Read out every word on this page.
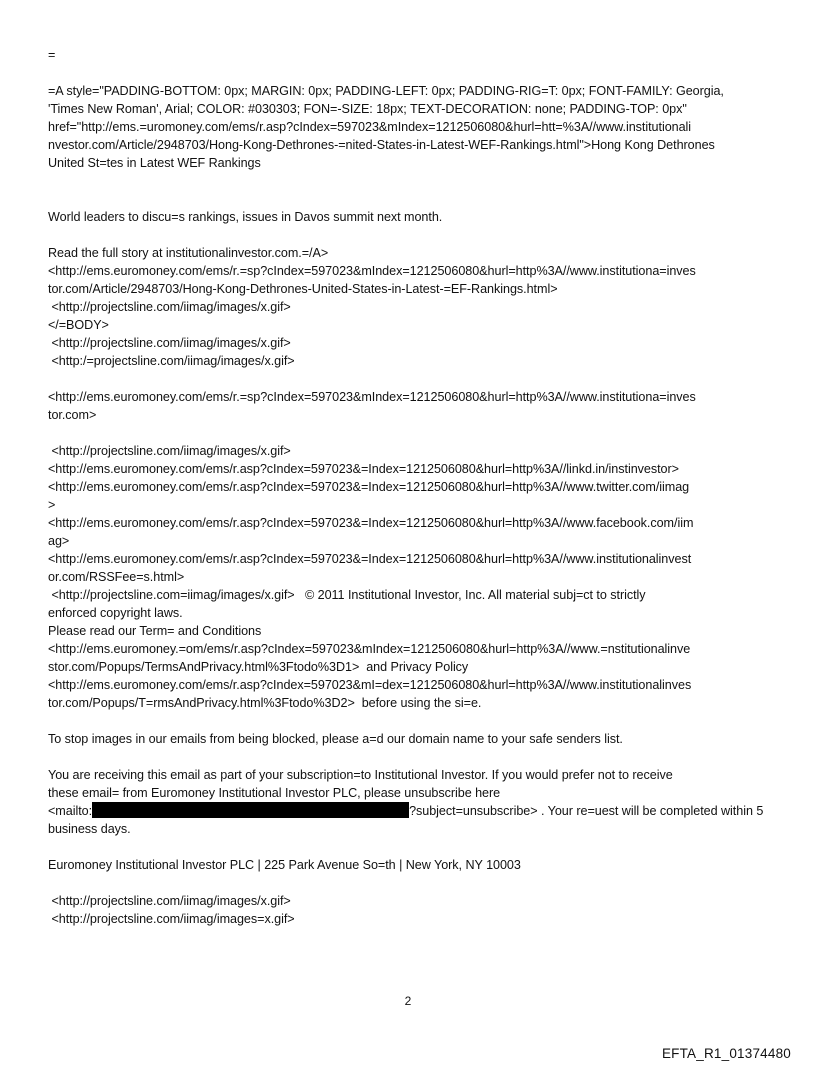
=

=A style="PADDING-BOTTOM: 0px; MARGIN: 0px; PADDING-LEFT: 0px; PADDING-RIG=T: 0px; FONT-FAMILY: Georgia,

'Times New Roman', Arial; COLOR: #030303; FON=-SIZE: 18px; TEXT-DECORATION: none; PADDING-TOP: 0px"

href="http://ems.=uromoney.com/ems/r.asp?cIndex=597023&mIndex=1212506080&hurl=htt=%3A//www.institutionali

nvestor.com/Article/2948703/Hong-Kong-Dethrones-=nited-States-in-Latest-WEF-Rankings.html">Hong Kong Dethrones

United St=tes in Latest WEF Rankings

World leaders to discu=s rankings, issues in Davos summit next month.

Read the full story at institutionalinvestor.com.=/A>

<http://ems.euromoney.com/ems/r.=sp?cIndex=597023&mIndex=1212506080&hurl=http%3A//www.institutiona=inves

tor.com/Article/2948703/Hong-Kong-Dethrones-United-States-in-Latest-=EF-Rankings.html>

<http://projectsline.com/iimag/images/x.gif>

</=BODY>

<http://projectsline.com/iimag/images/x.gif>

<http:/=projectsline.com/iimag/images/x.gif>

<http://ems.euromoney.com/ems/r.=sp?cIndex=597023&mIndex=1212506080&hurl=http%3A//www.institutiona=inves

tor.com>

<http://projectsline.com/iimag/images/x.gif>

<http://ems.euromoney.com/ems/r.asp?cIndex=597023&=Index=1212506080&hurl=http%3A//linkd.in/instinvestor>

<http://ems.euromoney.com/ems/r.asp?cIndex=597023&=Index=1212506080&hurl=http%3A//www.twitter.com/iimag

>

<http://ems.euromoney.com/ems/r.asp?cIndex=597023&=Index=1212506080&hurl=http%3A//www.facebook.com/iim

ag>

<http://ems.euromoney.com/ems/r.asp?cIndex=597023&=Index=1212506080&hurl=http%3A//www.institutionalinvest

or.com/RSSFee=s.html>

<http://projectsline.com=iimag/images/x.gif>   © 2011 Institutional Investor, Inc. All material subj=ct to strictly

enforced copyright laws.

Please read our Term= and Conditions

<http://ems.euromoney.=om/ems/r.asp?cIndex=597023&mIndex=1212506080&hurl=http%3A//www.=nstitutionalinve

stor.com/Popups/TermsAndPrivacy.html%3Ftodo%3D1>  and Privacy Policy

<http://ems.euromoney.com/ems/r.asp?cIndex=597023&mI=dex=1212506080&hurl=http%3A//www.institutionalinves

tor.com/Popups/T=rmsAndPrivacy.html%3Ftodo%3D2>  before using the si=e.

To stop images in our emails from being blocked, please a=d our domain name to your safe senders list.

You are receiving this email as part of your subscription=to Institutional Investor. If you would prefer not to receive

these email= from Euromoney Institutional Investor PLC, please unsubscribe here

<mailto:	?subject=unsubscribe> . Your re=uest will be completed within 5

business days.

Euromoney Institutional Investor PLC | 225 Park Avenue So=th | New York, NY 10003

<http://projectsline.com/iimag/images/x.gif>

<http://projectsline.com/iimag/images=x.gif>

2
EFTA_R1_01374480
